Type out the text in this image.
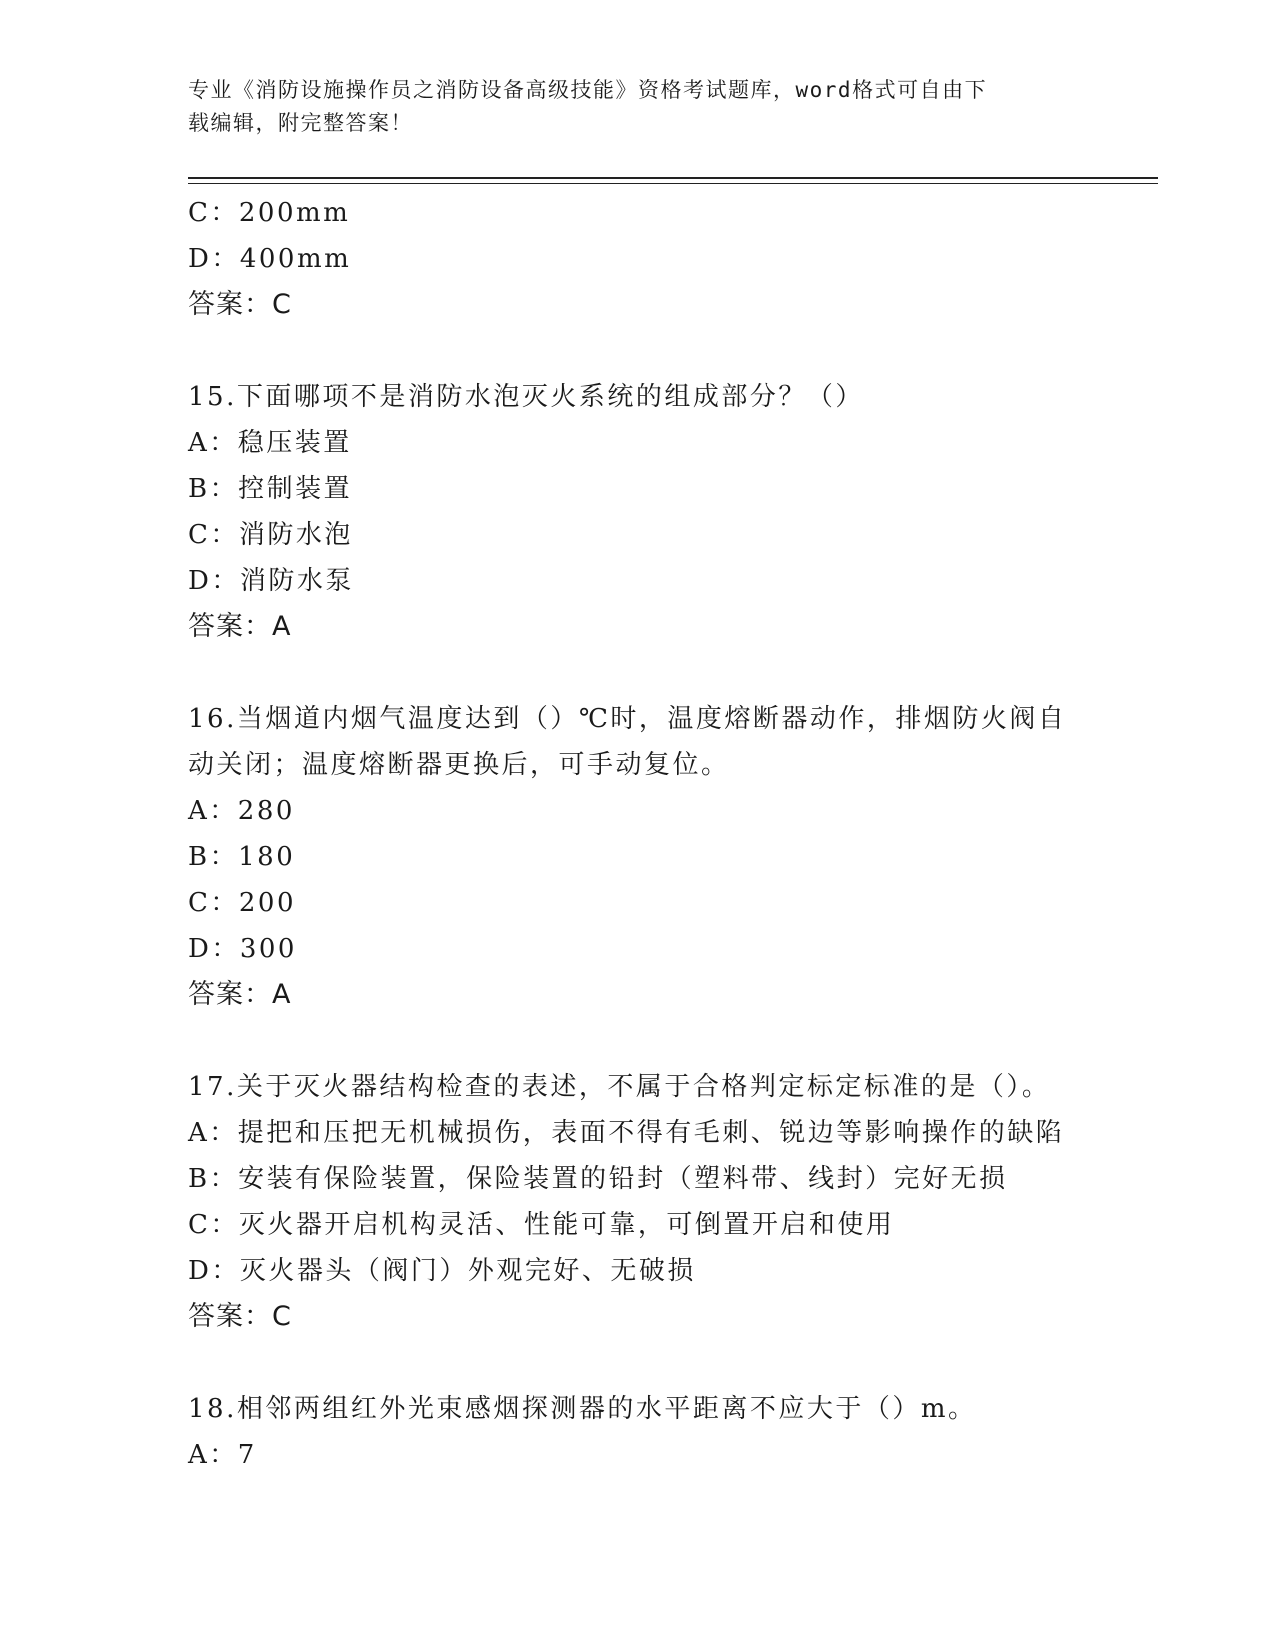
专业《消防设施操作员之消防设备高级技能》资格考试题库，word格式可自由下
载编辑，附完整答案！
C：200mm
D：400mm
答案：C
15.下面哪项不是消防水泡灭火系统的组成部分？（）
A：稳压装置
B：控制装置
C：消防水泡
D：消防水泵
答案：A
16.当烟道内烟气温度达到（）℃时，温度熔断器动作，排烟防火阀自
动关闭；温度熔断器更换后，可手动复位。
A：280
B：180
C：200
D：300
答案：A
17.关于灭火器结构检查的表述，不属于合格判定标定标准的是（）。
A：提把和压把无机械损伤，表面不得有毛刺、锐边等影响操作的缺陷
B：安装有保险装置，保险装置的铅封（塑料带、线封）完好无损
C：灭火器开启机构灵活、性能可靠，可倒置开启和使用
D：灭火器头（阀门）外观完好、无破损
答案：C
18.相邻两组红外光束感烟探测器的水平距离不应大于（）m。
A：7
